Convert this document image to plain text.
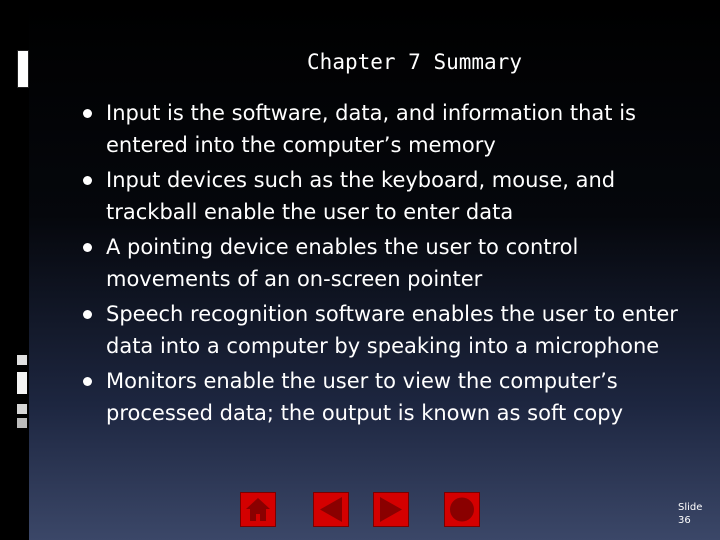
Chapter 7 Summary
Input is the software, data, and information that is entered into the computer’s memory
Input devices such as the keyboard, mouse, and trackball enable the user to enter data
A pointing device enables the user to control movements of an on-screen pointer
Speech recognition software enables the user to enter data into a computer by speaking into a microphone
Monitors enable the user to view the computer’s processed data; the output is known as soft copy
Slide 36
